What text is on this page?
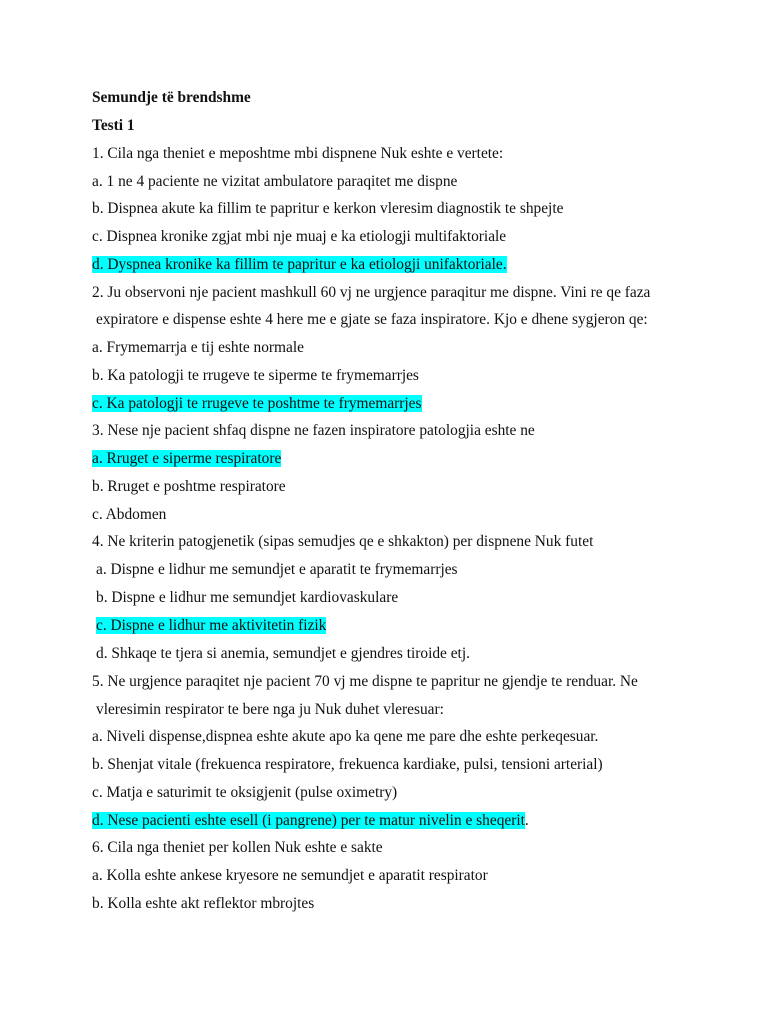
Semundje të brendshme
Testi 1
1. Cila nga theniet e meposhtme mbi dispnene Nuk eshte e vertete:
a. 1 ne 4 paciente ne vizitat ambulatore paraqitet me dispne
b. Dispnea akute ka fillim te papritur e kerkon vleresim diagnostik te shpejte
c. Dispnea kronike zgjat mbi nje muaj e ka etiologji multifaktoriale
d. Dyspnea kronike ka fillim te papritur e ka etiologji unifaktoriale.
2. Ju observoni nje pacient mashkull 60 vj ne urgjence paraqitur me dispne. Vini re qe faza
expiratore e dispense eshte 4 here me e gjate se faza inspiratore. Kjo e dhene sygjeron qe:
a. Frymemarrja e tij eshte normale
b. Ka patologji te rrugeve te siperme te frymemarrjes
c. Ka patologji te rrugeve te poshtme te frymemarrjes
3. Nese nje pacient shfaq dispne ne fazen inspiratore patologjia eshte ne
a. Rruget e siperme respiratore
b. Rruget e poshtme respiratore
c. Abdomen
4. Ne kriterin patogjenetik (sipas semudjes qe e shkakton) per dispnene Nuk futet
a. Dispne e lidhur me semundjet e aparatit te frymemarrjes
b. Dispne e lidhur me semundjet kardiovaskulare
c. Dispne e lidhur me aktivitetin fizik
d. Shkaqe te tjera si anemia, semundjet e gjendres tiroide etj.
5. Ne urgjence paraqitet nje pacient 70 vj me dispne te papritur ne gjendje te renduar. Ne
vleresimin respirator te bere nga ju Nuk duhet vleresuar:
a. Niveli dispense,dispnea eshte akute apo ka qene me pare dhe eshte perkeqesuar.
b. Shenjat vitale (frekuenca respiratore, frekuenca kardiake, pulsi, tensioni arterial)
c. Matja e saturimit te oksigjenit (pulse oximetry)
d. Nese pacienti eshte esell (i pangrene) per te matur nivelin e sheqerit.
6. Cila nga theniet per kollen Nuk eshte e sakte
a. Kolla eshte ankese kryesore ne semundjet e aparatit respirator
b. Kolla eshte akt reflektor mbrojtes
